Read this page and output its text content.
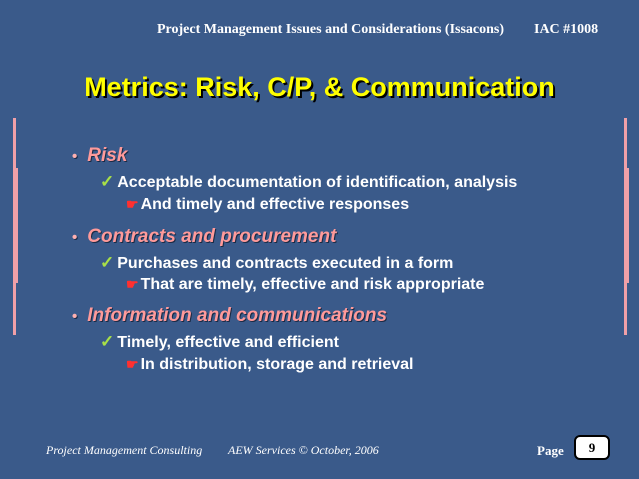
Project Management Issues and Considerations (Issacons) IAC #1008
Metrics: Risk, C/P, & Communication
• Risk
✓ Acceptable documentation of identification, analysis
☛ And timely and effective responses
• Contracts and procurement
✓ Purchases and contracts executed in a form
☛ That are timely, effective and risk appropriate
• Information and communications
✓ Timely, effective and efficient
☛ In distribution, storage and retrieval
Project Management Consulting AEW Services © October, 2006	Page	9
